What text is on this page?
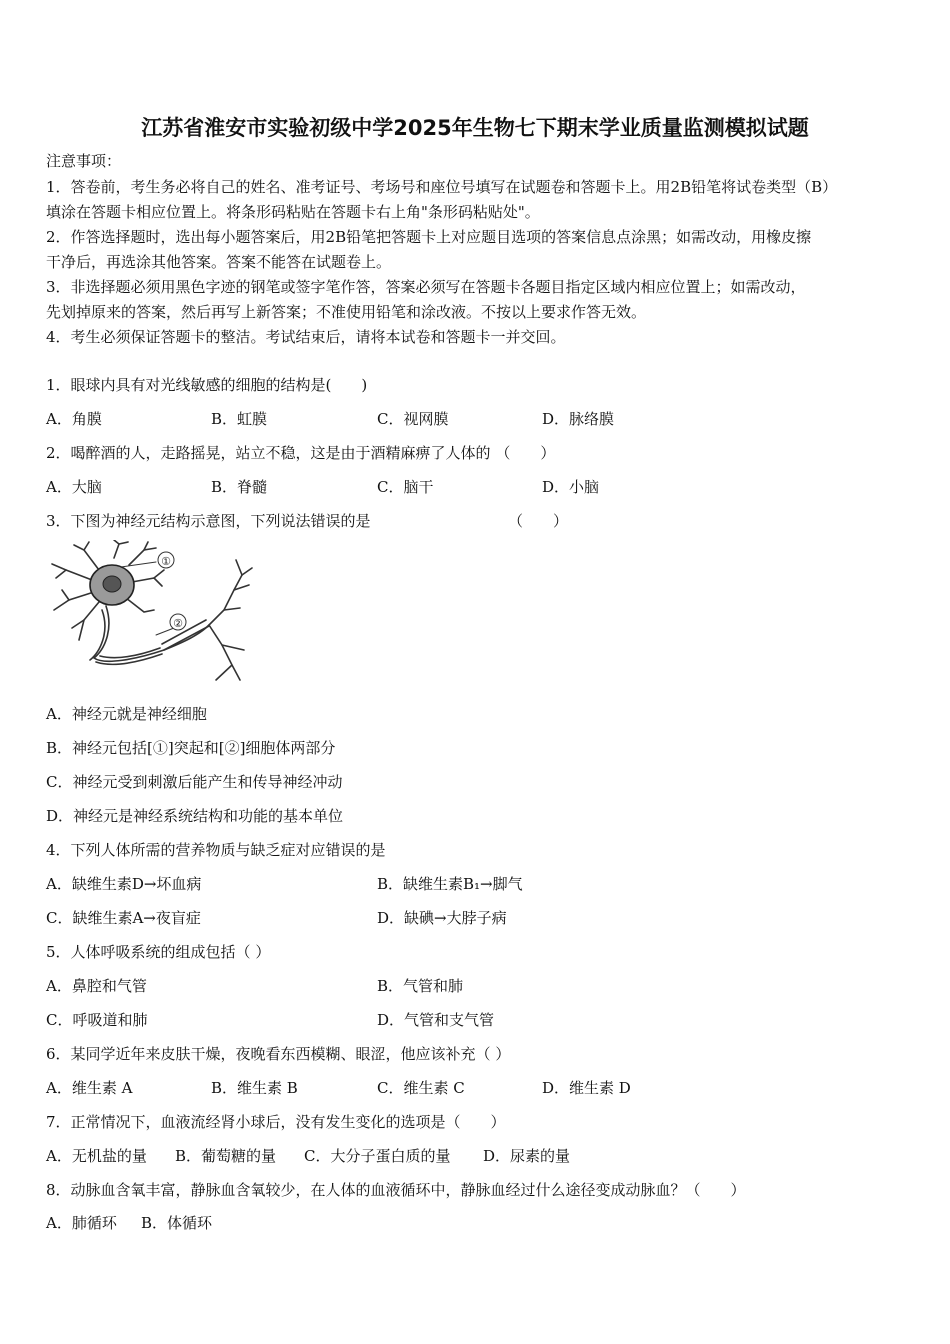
江苏省淮安市实验初级中学2025年生物七下期末学业质量监测模拟试题
注意事项：
1．答卷前，考生务必将自己的姓名、准考证号、考场号和座位号填写在试题卷和答题卡上。用2B铅笔将试卷类型（B）
填涂在答题卡相应位置上。将条形码粘贴在答题卡右上角"条形码粘贴处"。
2．作答选择题时，选出每小题答案后，用2B铅笔把答题卡上对应题目选项的答案信息点涂黑；如需改动，用橡皮擦
干净后，再选涂其他答案。答案不能答在试题卷上。
3．非选择题必须用黑色字迹的钢笔或签字笔作答，答案必须写在答题卡各题目指定区域内相应位置上；如需改动，
先划掉原来的答案，然后再写上新答案；不准使用铅笔和涂改液。不按以上要求作答无效。
4．考生必须保证答题卡的整洁。考试结束后，请将本试卷和答题卡一并交回。
1．眼球内具有对光线敏感的细胞的结构是(　　)
A．角膜	B．虹膜	C．视网膜	D．脉络膜
2．喝醉酒的人，走路摇晃，站立不稳，这是由于酒精麻痹了人体的 （　　）
A．大脑	B．脊髓	C．脑干	D．小脑
3．下图为神经元结构示意图，下列说法错误的是	（　　）
①
②
A．神经元就是神经细胞
B．神经元包括[①]突起和[②]细胞体两部分
C．神经元受到刺激后能产生和传导神经冲动
D．神经元是神经系统结构和功能的基本单位
4．下列人体所需的营养物质与缺乏症对应错误的是
A．缺维生素D→坏血病	B．缺维生素B₁→脚气
C．缺维生素A→夜盲症	D．缺碘→大脖子病
5．人体呼吸系统的组成包括（ ）
A．鼻腔和气管	B．气管和肺
C．呼吸道和肺	D．气管和支气管
6．某同学近年来皮肤干燥，夜晚看东西模糊、眼涩，他应该补充（ ）
A．维生素 A	B．维生素 B	C．维生素 C	D．维生素 D
7．正常情况下，血液流经肾小球后，没有发生变化的选项是（　　）
A．无机盐的量 B．葡萄糖的量 C．大分子蛋白质的量 D．尿素的量
8．动脉血含氧丰富，静脉血含氧较少，在人体的血液循环中，静脉血经过什么途径变成动脉血？（　　）
A．肺循环 B．体循环
